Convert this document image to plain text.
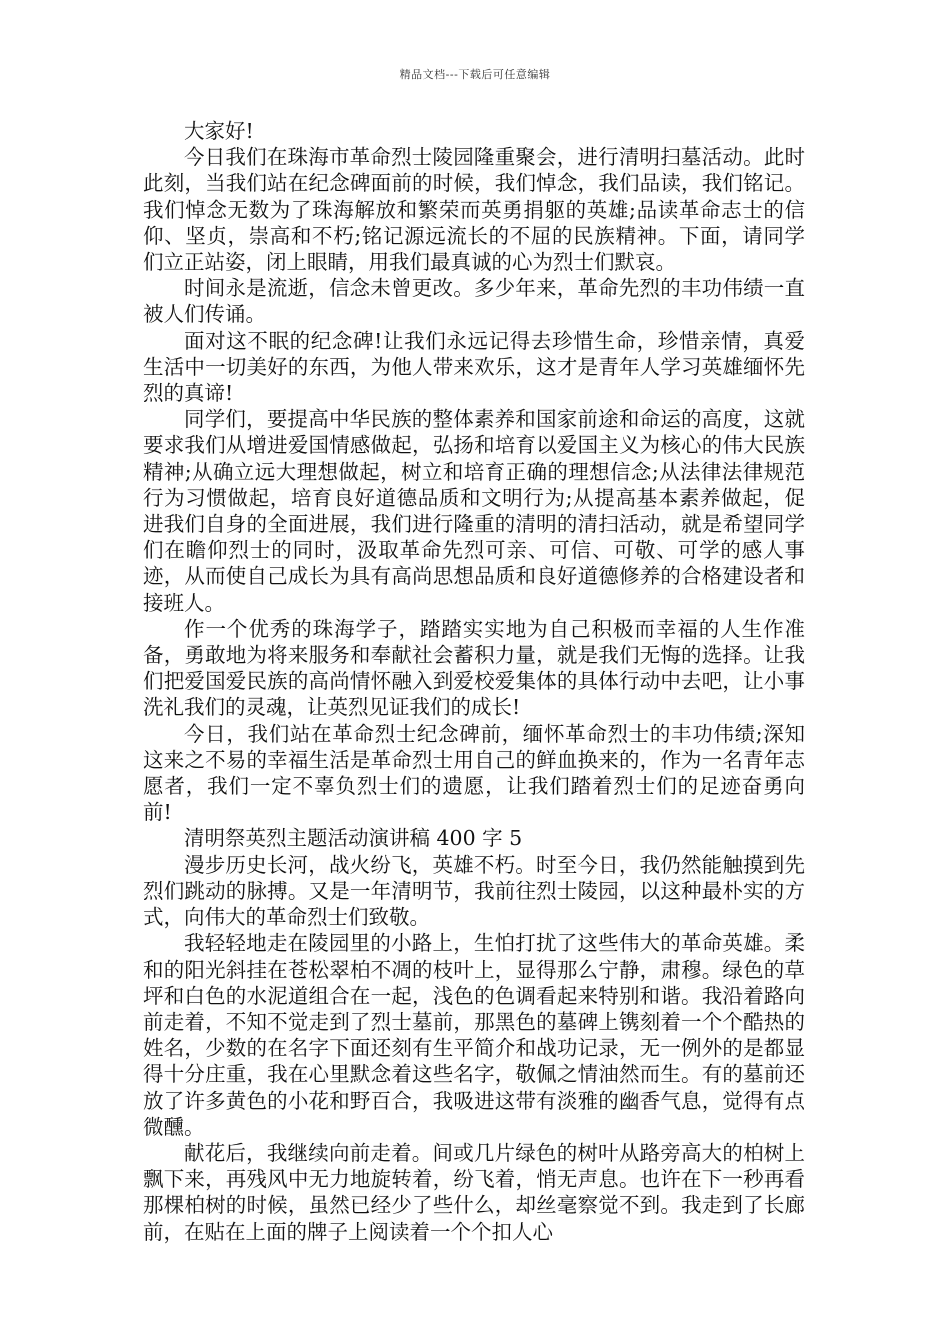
精品文档---下载后可任意编辑

大家好!

今日我们在珠海市革命烈士陵园隆重聚会，进行清明扫墓活动。此时此刻，当我们站在纪念碑面前的时候，我们悼念，我们品读，我们铭记。我们悼念无数为了珠海解放和繁荣而英勇捐躯的英雄;品读革命志士的信仰、坚贞，崇高和不朽;铭记源远流长的不屈的民族精神。下面，请同学们立正站姿，闭上眼睛，用我们最真诚的心为烈士们默哀。

时间永是流逝，信念未曾更改。多少年来，革命先烈的丰功伟绩一直被人们传诵。

面对这不眠的纪念碑!让我们永远记得去珍惜生命，珍惜亲情，真爱生活中一切美好的东西，为他人带来欢乐，这才是青年人学习英雄缅怀先烈的真谛!

同学们，要提高中华民族的整体素养和国家前途和命运的高度，这就要求我们从增进爱国情感做起，弘扬和培育以爱国主义为核心的伟大民族精神;从确立远大理想做起，树立和培育正确的理想信念;从法律法律规范行为习惯做起，培育良好道德品质和文明行为;从提高基本素养做起，促进我们自身的全面进展，我们进行隆重的清明的清扫活动，就是希望同学们在瞻仰烈士的同时，汲取革命先烈可亲、可信、可敬、可学的感人事迹，从而使自己成长为具有高尚思想品质和良好道德修养的合格建设者和接班人。

作一个优秀的珠海学子，踏踏实实地为自己积极而幸福的人生作准备，勇敢地为将来服务和奉献社会蓄积力量，就是我们无悔的选择。让我们把爱国爱民族的高尚情怀融入到爱校爱集体的具体行动中去吧，让小事洗礼我们的灵魂，让英烈见证我们的成长!

今日，我们站在革命烈士纪念碑前，缅怀革命烈士的丰功伟绩;深知这来之不易的幸福生活是革命烈士用自己的鲜血换来的，作为一名青年志愿者，我们一定不辜负烈士们的遗愿，让我们踏着烈士们的足迹奋勇向前!

清明祭英烈主题活动演讲稿 400 字 5

漫步历史长河，战火纷飞，英雄不朽。时至今日，我仍然能触摸到先烈们跳动的脉搏。又是一年清明节，我前往烈士陵园，以这种最朴实的方式，向伟大的革命烈士们致敬。

我轻轻地走在陵园里的小路上，生怕打扰了这些伟大的革命英雄。柔和的阳光斜挂在苍松翠柏不凋的枝叶上，显得那么宁静，肃穆。绿色的草坪和白色的水泥道组合在一起，浅色的色调看起来特别和谐。我沿着路向前走着，不知不觉走到了烈士墓前，那黑色的墓碑上镌刻着一个个酷热的姓名，少数的在名字下面还刻有生平简介和战功记录，无一例外的是都显得十分庄重，我在心里默念着这些名字，敬佩之情油然而生。有的墓前还放了许多黄色的小花和野百合，我吸进这带有淡雅的幽香气息，觉得有点微醺。

献花后，我继续向前走着。间或几片绿色的树叶从路旁高大的柏树上飘下来，再残风中无力地旋转着，纷飞着，悄无声息。也许在下一秒再看那棵柏树的时候，虽然已经少了些什么，却丝毫察觉不到。我走到了长廊前，在贴在上面的牌子上阅读着一个个扣人心
